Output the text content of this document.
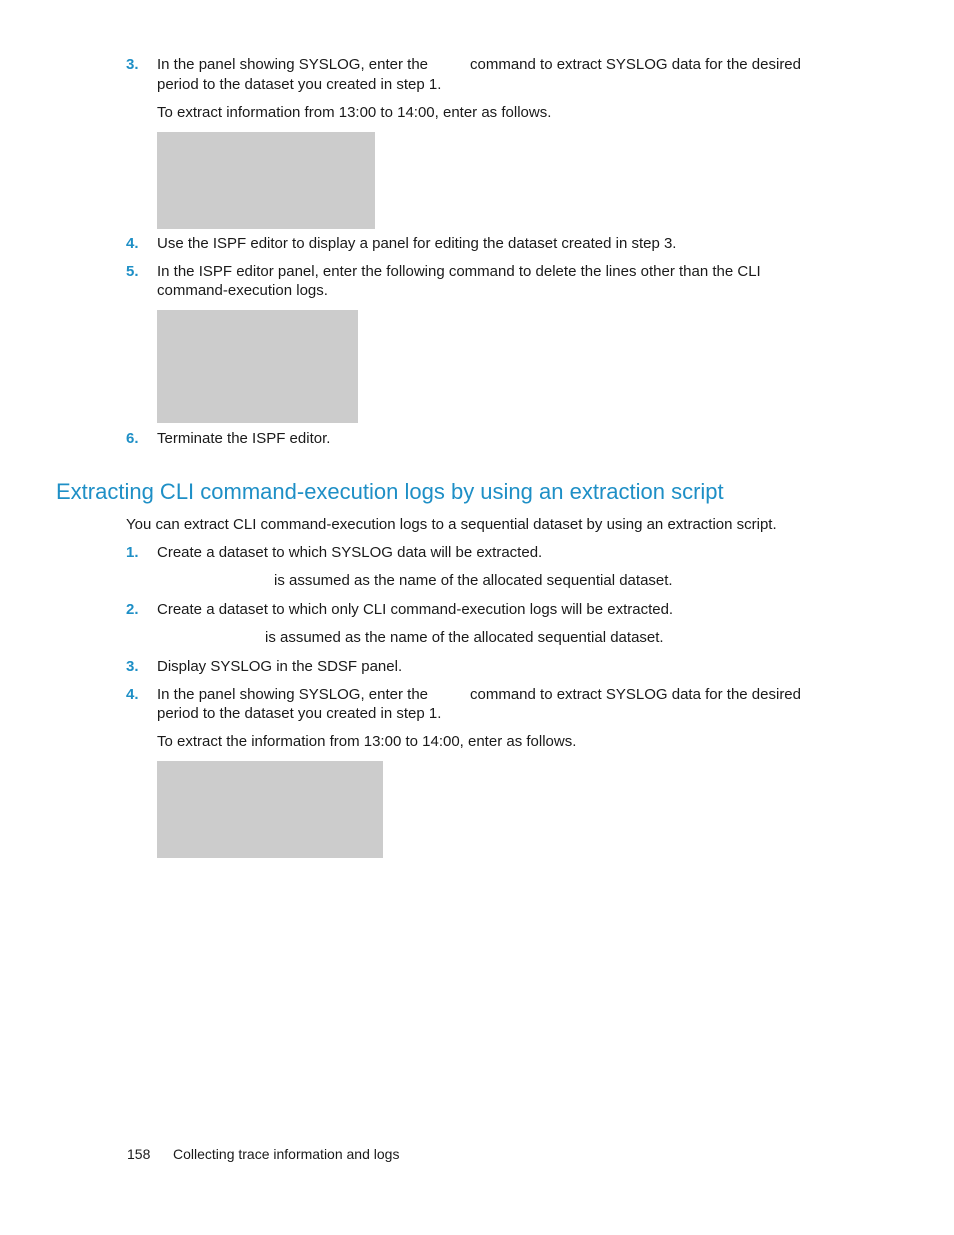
3. In the panel showing SYSLOG, enter the	command to extract SYSLOG data for the desired
period to the dataset you created in step 1.
To extract information from 13:00 to 14:00, enter as follows.
4. Use the ISPF editor to display a panel for editing the dataset created in step 3.
5. In the ISPF editor panel, enter the following command to delete the lines other than the CLI
command-execution logs.
6. Terminate the ISPF editor.
Extracting CLI command-execution logs by using an extraction script
You can extract CLI command-execution logs to a sequential dataset by using an extraction script.
1. Create a dataset to which SYSLOG data will be extracted.
is assumed as the name of the allocated sequential dataset.
2. Create a dataset to which only CLI command-execution logs will be extracted.
is assumed as the name of the allocated sequential dataset.
3. Display SYSLOG in the SDSF panel.
4. In the panel showing SYSLOG, enter the	command to extract SYSLOG data for the desired
period to the dataset you created in step 1.
To extract the information from 13:00 to 14:00, enter as follows.
158 Collecting trace information and logs
